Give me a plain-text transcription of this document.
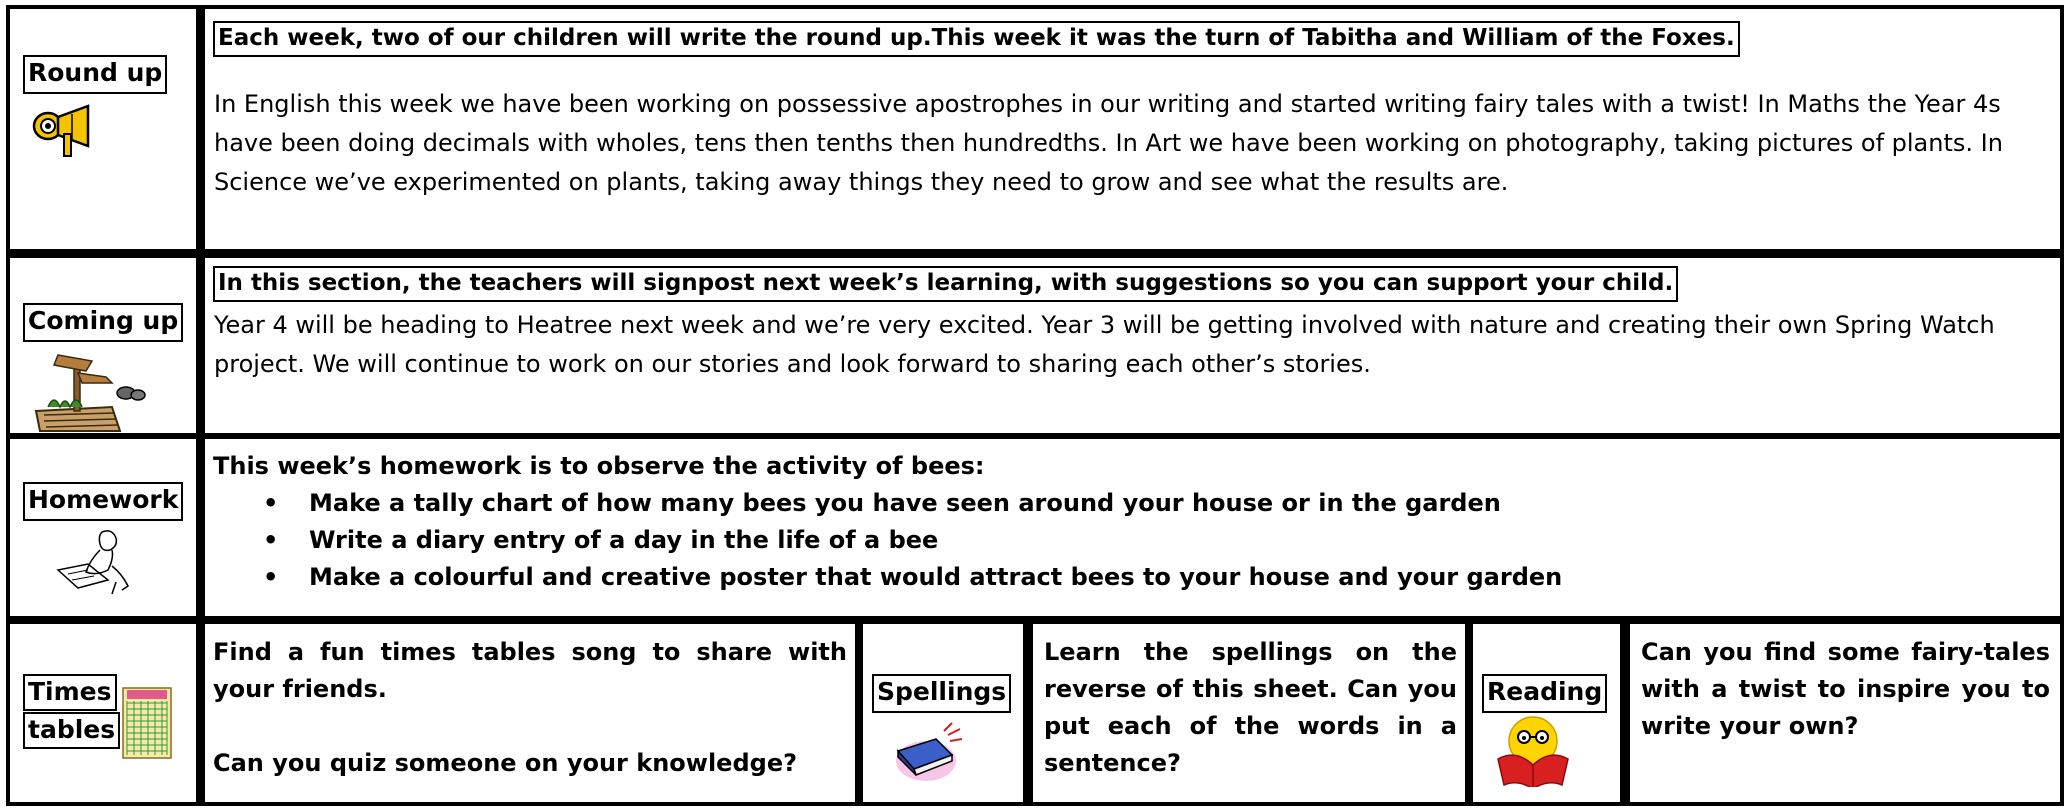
Round up
Each week, two of our children will write the round up.This week it was the turn of Tabitha and William of the Foxes.
In English this week we have been working on possessive apostrophes in our writing and started writing fairy tales with a twist! In Maths the Year 4s have been doing decimals with wholes, tens then tenths then hundredths. In Art we have been working on photography, taking pictures of plants. In Science we’ve experimented on plants, taking away things they need to grow and see what the results are.
Coming up
In this section, the teachers will signpost next week’s learning, with suggestions so you can support your child.
Year 4 will be heading to Heatree next week and we’re very excited. Year 3 will be getting involved with nature and creating their own Spring Watch project. We will continue to work on our stories and look forward to sharing each other’s stories.
Homework
This week’s homework is to observe the activity of bees:
• Make a tally chart of how many bees you have seen around your house or in the garden
• Write a diary entry of a day in the life of a bee
• Make a colourful and creative poster that would attract bees to your house and your garden
Times
tables
Find a fun times tables song to share with your friends.
Can you quiz someone on your knowledge?
Spellings
Learn the spellings on the reverse of this sheet. Can you put each of the words in a sentence?
Reading
Can you find some fairy-tales with a twist to inspire you to write your own?
